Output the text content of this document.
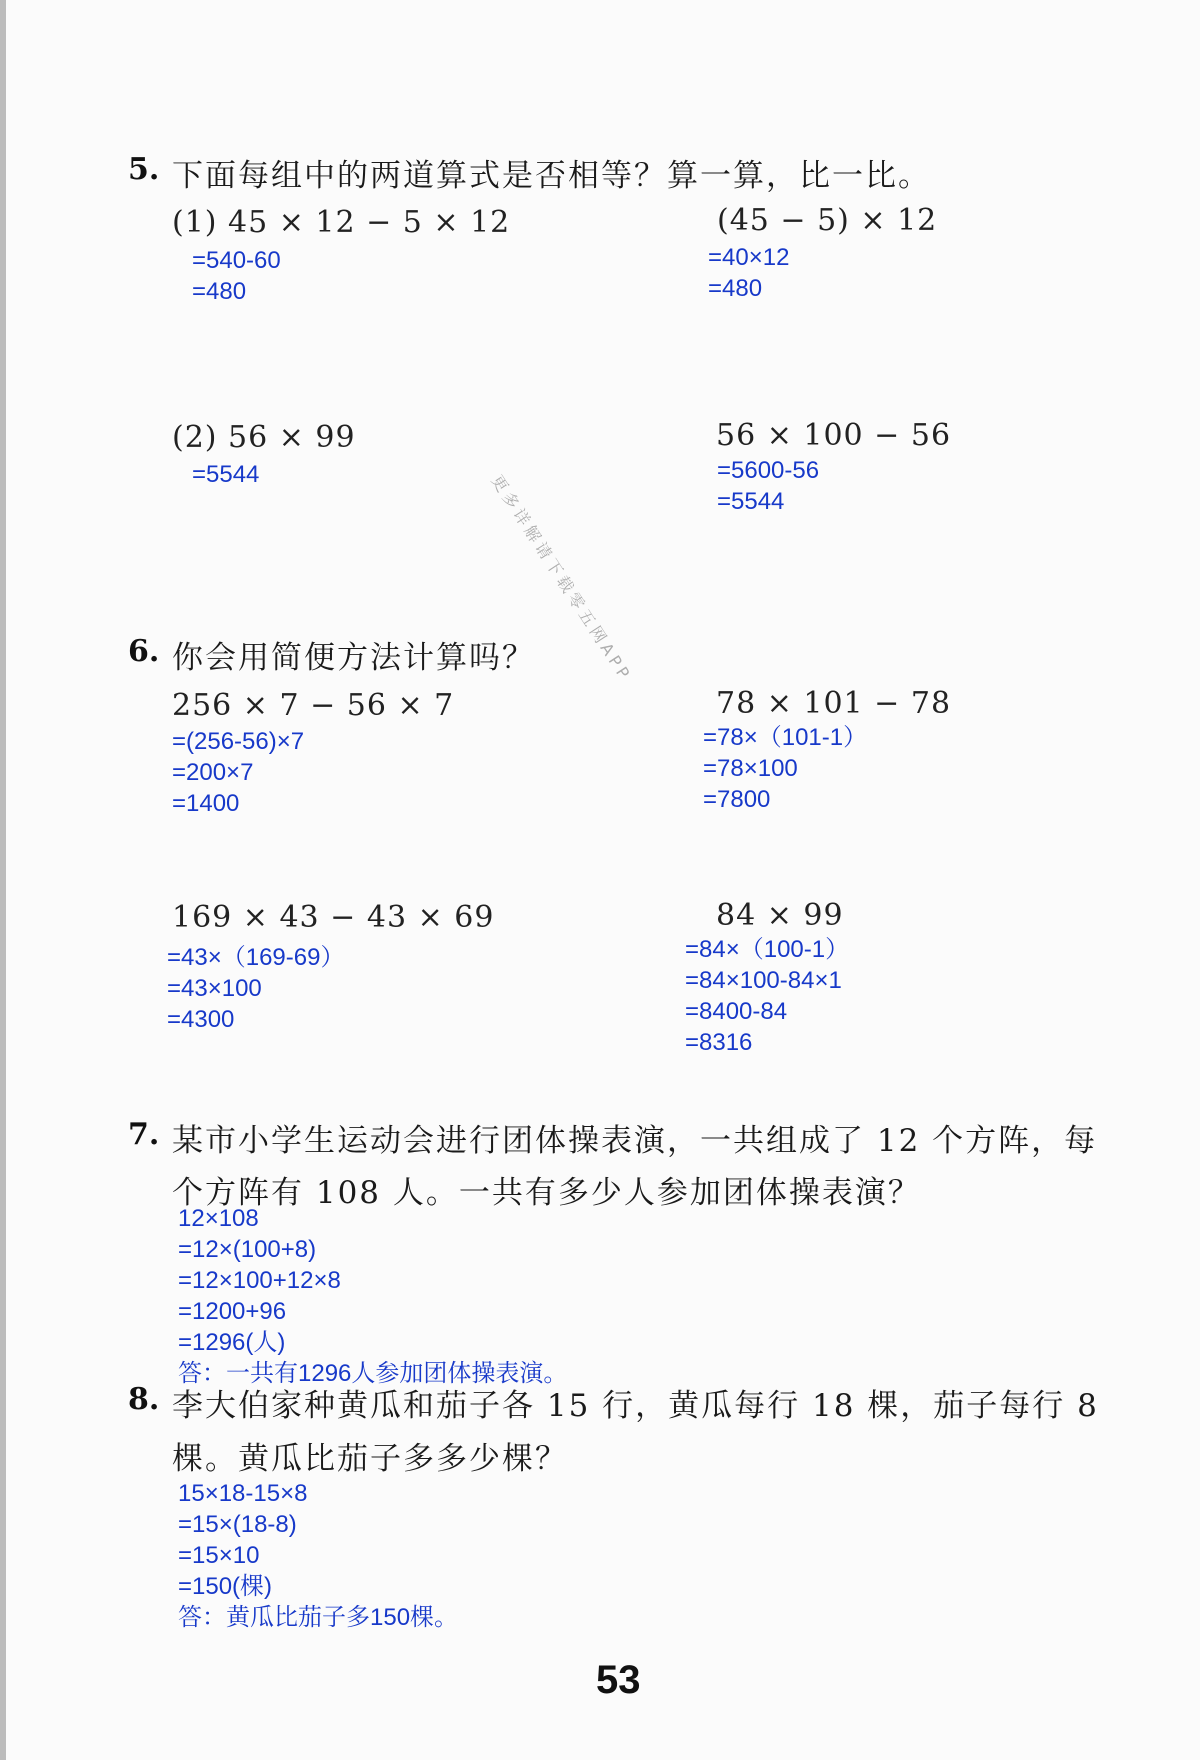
5. 下面每组中的两道算式是否相等？算一算，比一比。
(1) 45 × 12 − 5 × 12
=540-60
=480
(45 − 5) × 12
=40×12
=480
(2) 56 × 99
=5544
56 × 100 − 56
=5600-56
=5544
更多详解请下载零五网APP
6. 你会用简便方法计算吗？
256 × 7 − 56 × 7
=(256-56)×7
=200×7
=1400
78 × 101 − 78
=78×（101-1）
=78×100
=7800
169 × 43 − 43 × 69
=43×（169-69）
=43×100
=4300
84 × 99
=84×（100-1）
=84×100-84×1
=8400-84
=8316
7. 某市小学生运动会进行团体操表演，一共组成了 12 个方阵，每
个方阵有 108 人。一共有多少人参加团体操表演？
12×108
=12×(100+8)
=12×100+12×8
=1200+96
=1296(人)
答：一共有1296人参加团体操表演。
8. 李大伯家种黄瓜和茄子各 15 行，黄瓜每行 18 棵，茄子每行 8
棵。黄瓜比茄子多多少棵？
15×18-15×8
=15×(18-8)
=15×10
=150(棵)
答：黄瓜比茄子多150棵。
53
